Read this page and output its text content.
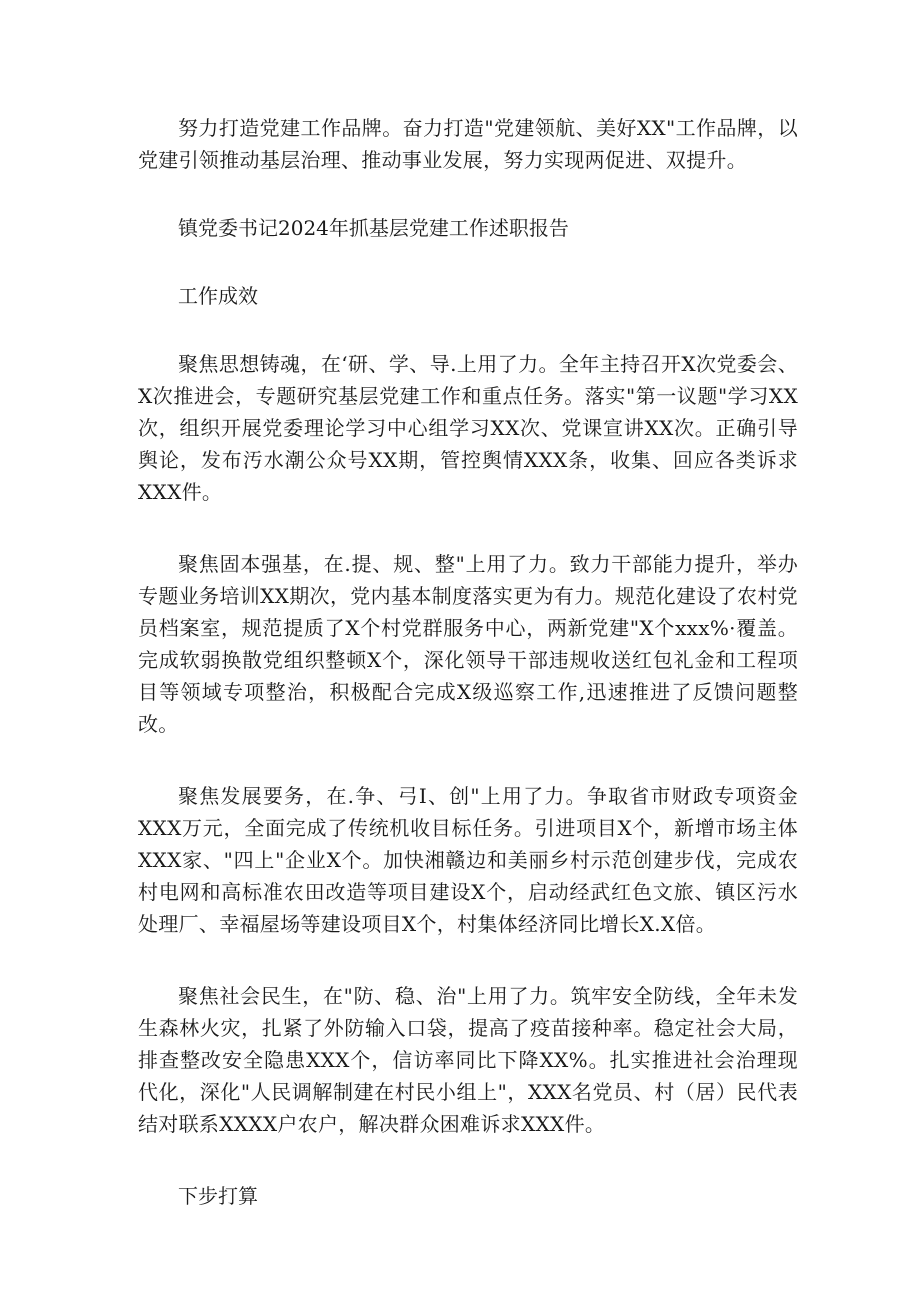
努力打造党建工作品牌。奋力打造"党建领航、美好XX"工作品牌，以党建引领推动基层治理、推动事业发展，努力实现两促进、双提升。

镇党委书记2024年抓基层党建工作述职报告

工作成效

聚焦思想铸魂，在‘研、学、导.上用了力。全年主持召开X次党委会、X次推进会，专题研究基层党建工作和重点任务。落实"第一议题"学习XX次，组织开展党委理论学习中心组学习XX次、党课宣讲XX次。正确引导舆论，发布汚水潮公众号XX期，管控舆情XXX条，收集、回应各类诉求XXX件。

聚焦固本强基，在.提、规、整"上用了力。致力干部能力提升，举办专题业务培训XX期次，党内基本制度落实更为有力。规范化建设了农村党员档案室，规范提质了X个村党群服务中心，两新党建"X个xxx%·覆盖。完成软弱换散党组织整顿X个，深化领导干部违规收送红包礼金和工程项目等领域专项整治，积极配合完成X级巡察工作,迅速推进了反馈问题整改。

聚焦发展要务，在.争、弓I、创"上用了力。争取省市财政专项资金XXX万元，全面完成了传统机收目标任务。引进项目X个，新增市场主体XXX家、"四上"企业X个。加快湘赣边和美丽乡村示范创建步伐，完成农村电网和高标准农田改造等项目建设X个，启动经武红色文旅、镇区污水处理厂、幸福屋场等建设项目X个，村集体经济同比增长X.X倍。

聚焦社会民生，在"防、稳、治"上用了力。筑牢安全防线，全年未发生森林火灾，扎紧了外防输入口袋，提高了疫苗接种率。稳定社会大局，排查整改安全隐患XXX个，信访率同比下降XX%。扎实推进社会治理现代化，深化"人民调解制建在村民小组上"，XXX名党员、村（居）民代表结对联系XXXX户农户，解决群众困难诉求XXX件。

下步打算
